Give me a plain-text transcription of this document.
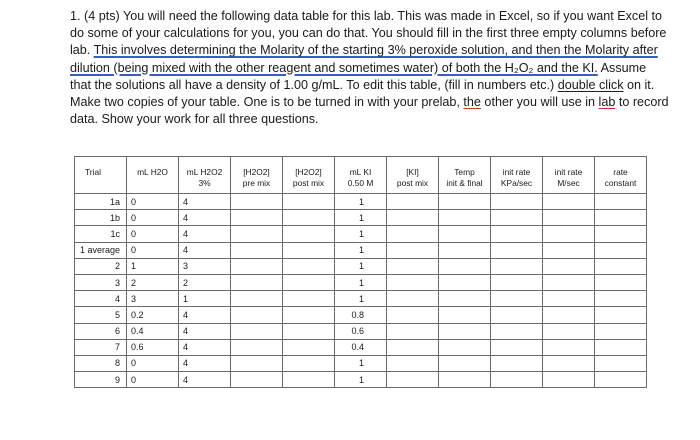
1. (4 pts) You will need the following data table for this lab. This was made in Excel, so if you want Excel to do some of your calculations for you, you can do that. You should fill in the first three empty columns before lab. This involves determining the Molarity of the starting 3% peroxide solution, and then the Molarity after dilution (being mixed with the other reagent and sometimes water) of both the H₂O₂ and the KI. Assume that the solutions all have a density of 1.00 g/mL. To edit this table, (fill in numbers etc.) double click on it. Make two copies of your table. One is to be turned in with your prelab, the other you will use in lab to record data. Show your work for all three questions.

Trial	mL H2O	mL H2O2	[H2O2]	[H2O2]	mL KI	[KI]	Temp	init rate	init rate	rate
		3%	pre mix	post mix	0.50 M	post mix	init & final	KPa/sec	M/sec	constant
1a	0	4			1					
1b	0	4			1					
1c	0	4			1					
1 average	0	4			1					
2	1	3			1					
3	2	2			1					
4	3	1			1					
5	0.2	4			0.8					
6	0.4	4			0.6					
7	0.6	4			0.4					
8	0	4			1					
9	0	4			1					
